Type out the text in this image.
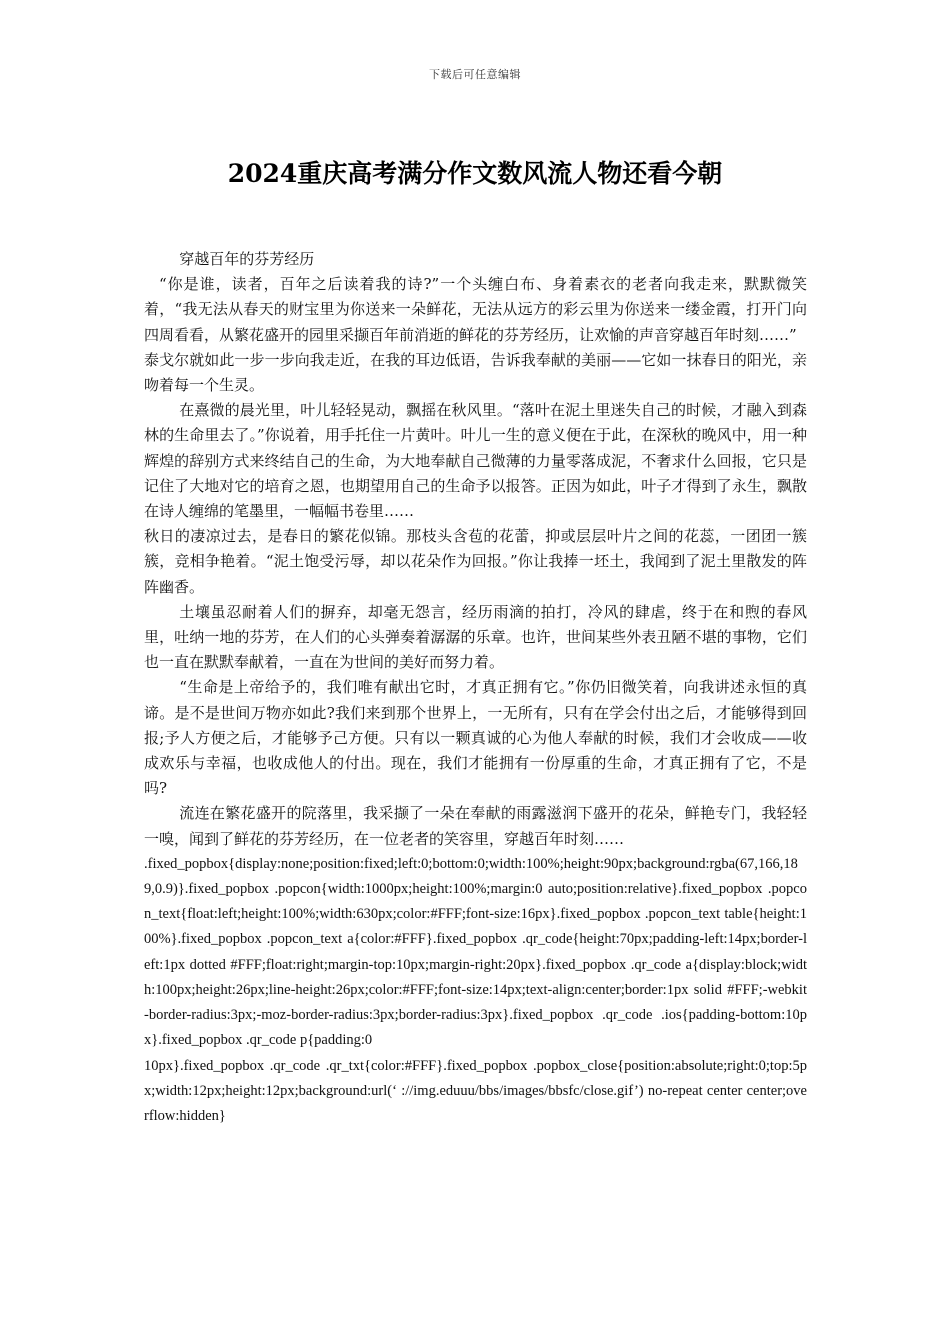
下载后可任意编辑
2024重庆高考满分作文数风流人物还看今朝

穿越百年的芬芳经历

“你是谁，读者，百年之后读着我的诗?”一个头缠白布、身着素衣的老者向我走来，默默微笑着，“我无法从春天的财宝里为你送来一朵鲜花，无法从远方的彩云里为你送来一缕金霞，打开门向四周看看，从繁花盛开的园里采撷百年前消逝的鲜花的芬芳经历，让欢愉的声音穿越百年时刻……”

泰戈尔就如此一步一步向我走近，在我的耳边低语，告诉我奉献的美丽——它如一抹春日的阳光，亲吻着每一个生灵。

在熹微的晨光里，叶儿轻轻晃动，飘摇在秋风里。“落叶在泥土里迷失自己的时候，才融入到森林的生命里去了。”你说着，用手托住一片黄叶。叶儿一生的意义便在于此，在深秋的晚风中，用一种辉煌的辞别方式来终结自己的生命，为大地奉献自己微薄的力量零落成泥，不奢求什么回报，它只是记住了大地对它的培育之恩，也期望用自己的生命予以报答。正因为如此，叶子才得到了永生，飘散在诗人缠绵的笔墨里，一幅幅书卷里……

秋日的凄凉过去，是春日的繁花似锦。那枝头含苞的花蕾，抑或层层叶片之间的花蕊，一团团一簇簇，竞相争艳着。“泥土饱受污辱，却以花朵作为回报。”你让我捧一坯土，我闻到了泥土里散发的阵阵幽香。

土壤虽忍耐着人们的摒弃，却毫无怨言，经历雨滴的拍打，冷风的肆虐，终于在和煦的春风里，吐纳一地的芬芳，在人们的心头弹奏着潺潺的乐章。也许，世间某些外表丑陋不堪的事物，它们也一直在默默奉献着，一直在为世间的美好而努力着。

“生命是上帝给予的，我们唯有献出它时，才真正拥有它。”你仍旧微笑着，向我讲述永恒的真谛。是不是世间万物亦如此?我们来到那个世界上，一无所有，只有在学会付出之后，才能够得到回报;予人方便之后，才能够予己方便。只有以一颗真诚的心为他人奉献的时候，我们才会收成——收成欢乐与幸福，也收成他人的付出。现在，我们才能拥有一份厚重的生命，才真正拥有了它，不是吗?

流连在繁花盛开的院落里，我采撷了一朵在奉献的雨露滋润下盛开的花朵，鲜艳专门，我轻轻一嗅，闻到了鲜花的芬芳经历，在一位老者的笑容里，穿越百年时刻……

.fixed_popbox{display:none;position:fixed;left:0;bottom:0;width:100%;height:90px;background:rgba(67,166,189,0.9)}.fixed_popbox .popcon{width:1000px;height:100%;margin:0 auto;position:relative}.fixed_popbox .popcon_text{float:left;height:100%;width:630px;color:#FFF;font-size:16px}.fixed_popbox .popcon_text table{height:100%}.fixed_popbox .popcon_text a{color:#FFF}.fixed_popbox .qr_code{height:70px;padding-left:14px;border-left:1px dotted #FFF;float:right;margin-top:10px;margin-right:20px}.fixed_popbox .qr_code a{display:block;width:100px;height:26px;line-height:26px;color:#FFF;font-size:14px;text-align:center;border:1px solid #FFF;-webkit-border-radius:3px;-moz-border-radius:3px;border-radius:3px}.fixed_popbox .qr_code .ios{padding-bottom:10px}.fixed_popbox .qr_code p{padding:0

10px}.fixed_popbox .qr_code .qr_txt{color:#FFF}.fixed_popbox .popbox_close{position:absolute;right:0;top:5px;width:12px;height:12px;background:url(‘ ://img.eduuu/bbs/images/bbsfc/close.gif’) no-repeat center center;overflow:hidden}
